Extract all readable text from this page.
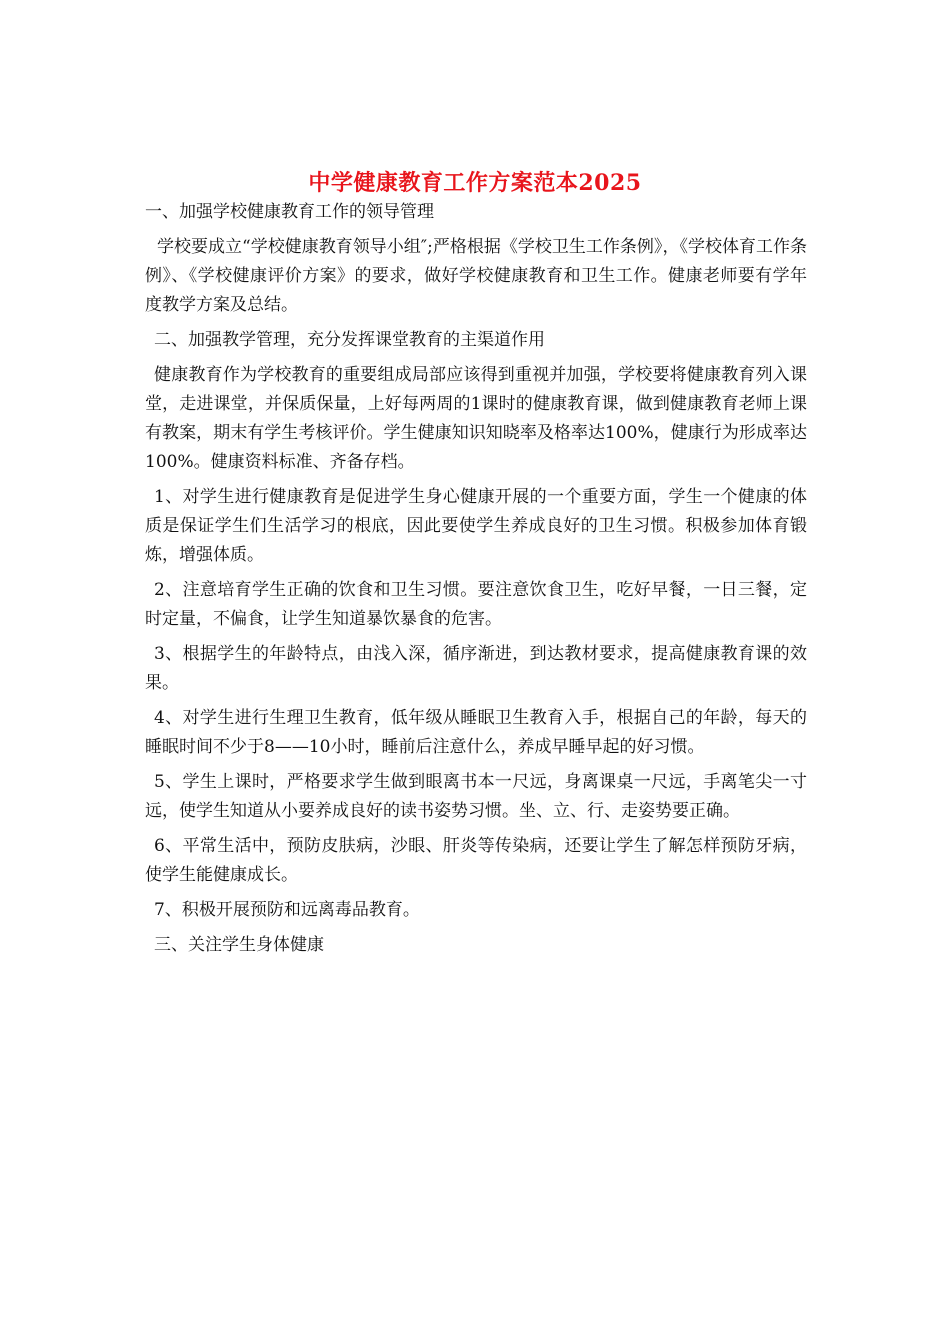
中学健康教育工作方案范本2025

一、加强学校健康教育工作的领导管理

学校要成立“学校健康教育领导小组″;严格根据《学校卫生工作条例》，《学校体育工作条例》、《学校健康评价方案》的要求，做好学校健康教育和卫生工作。健康老师要有学年度教学方案及总结。

二、加强教学管理，充分发挥课堂教育的主渠道作用

健康教育作为学校教育的重要组成局部应该得到重视并加强，学校要将健康教育列入课堂，走进课堂，并保质保量，上好每两周的1课时的健康教育课，做到健康教育老师上课有教案，期末有学生考核评价。学生健康知识知晓率及格率达100%，健康行为形成率达100%。健康资料标准、齐备存档。

1、对学生进行健康教育是促进学生身心健康开展的一个重要方面，学生一个健康的体质是保证学生们生活学习的根底，因此要使学生养成良好的卫生习惯。积极参加体育锻炼，增强体质。

2、注意培育学生正确的饮食和卫生习惯。要注意饮食卫生，吃好早餐，一日三餐，定时定量，不偏食，让学生知道暴饮暴食的危害。

3、根据学生的年龄特点，由浅入深，循序渐进，到达教材要求，提高健康教育课的效果。

4、对学生进行生理卫生教育，低年级从睡眠卫生教育入手，根据自己的年龄，每天的睡眠时间不少于8——10小时，睡前后注意什么，养成早睡早起的好习惯。

5、学生上课时，严格要求学生做到眼离书本一尺远，身离课桌一尺远，手离笔尖一寸远，使学生知道从小要养成良好的读书姿势习惯。坐、立、行、走姿势要正确。

6、平常生活中，预防皮肤病，沙眼、肝炎等传染病，还要让学生了解怎样预防牙病，使学生能健康成长。

7、积极开展预防和远离毒品教育。

三、关注学生身体健康
